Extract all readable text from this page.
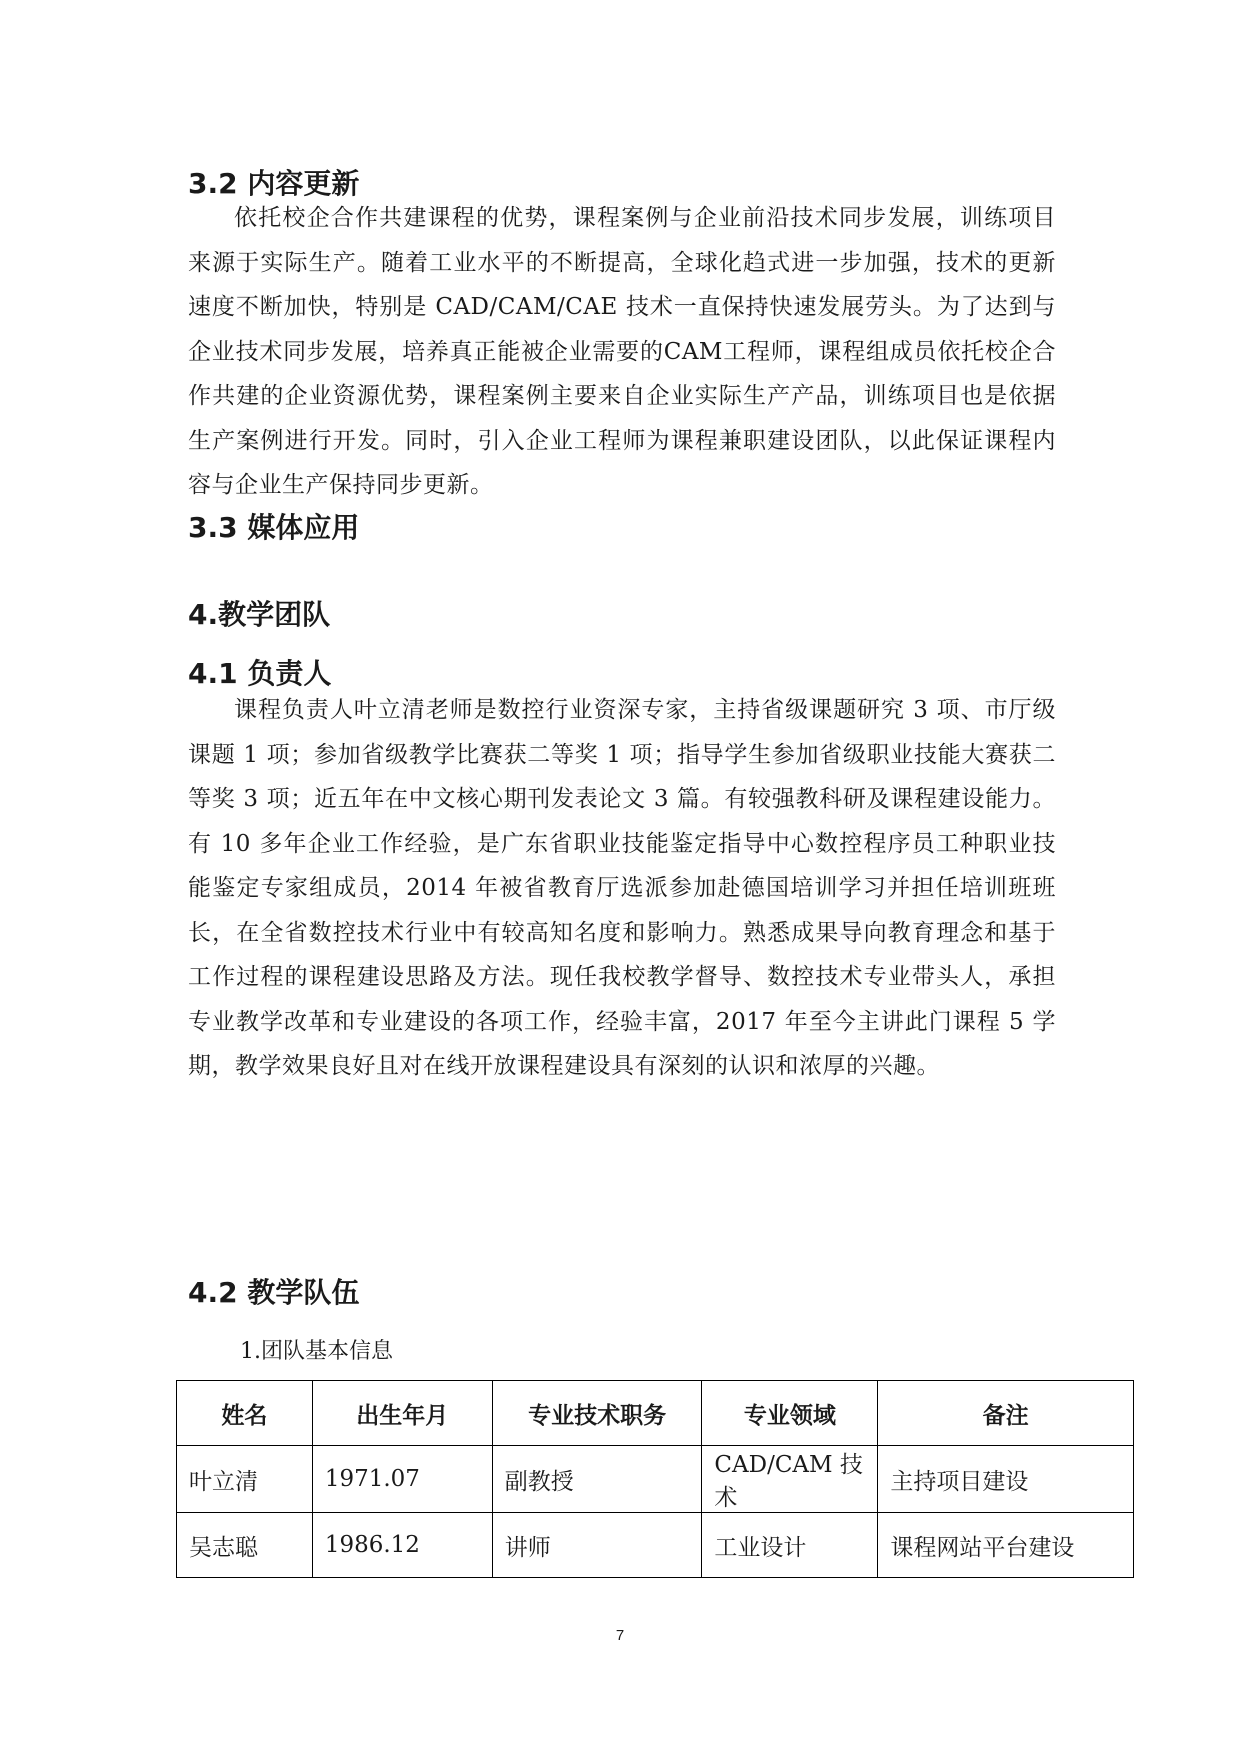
3.2 内容更新

依托校企合作共建课程的优势，课程案例与企业前沿技术同步发展，训练项目来源于实际生产。随着工业水平的不断提高，全球化趋式进一步加强，技术的更新速度不断加快，特别是 CAD/CAM/CAE 技术一直保持快速发展劳头。为了达到与企业技术同步发展，培养真正能被企业需要的CAM工程师，课程组成员依托校企合作共建的企业资源优势，课程案例主要来自企业实际生产产品，训练项目也是依据生产案例进行开发。同时，引入企业工程师为课程兼职建设团队，以此保证课程内容与企业生产保持同步更新。

3.3 媒体应用
4.教学团队
4.1 负责人

课程负责人叶立清老师是数控行业资深专家，主持省级课题研究 3 项、市厅级课题 1 项；参加省级教学比赛获二等奖 1 项；指导学生参加省级职业技能大赛获二等奖 3 项；近五年在中文核心期刊发表论文 3 篇。有较强教科研及课程建设能力。有 10 多年企业工作经验，是广东省职业技能鉴定指导中心数控程序员工种职业技能鉴定专家组成员，2014 年被省教育厅选派参加赴德国培训学习并担任培训班班长，在全省数控技术行业中有较高知名度和影响力。熟悉成果导向教育理念和基于工作过程的课程建设思路及方法。现任我校教学督导、数控技术专业带头人，承担专业教学改革和专业建设的各项工作，经验丰富，2017 年至今主讲此门课程 5 学期，教学效果良好且对在线开放课程建设具有深刻的认识和浓厚的兴趣。

4.2 教学队伍

1.团队基本信息

姓名	出生年月	专业技术职务	专业领域	备注
叶立清	1971.07	副教授	CAD/CAM 技术	主持项目建设
吴志聪	1986.12	讲师	工业设计	课程网站平台建设
7
